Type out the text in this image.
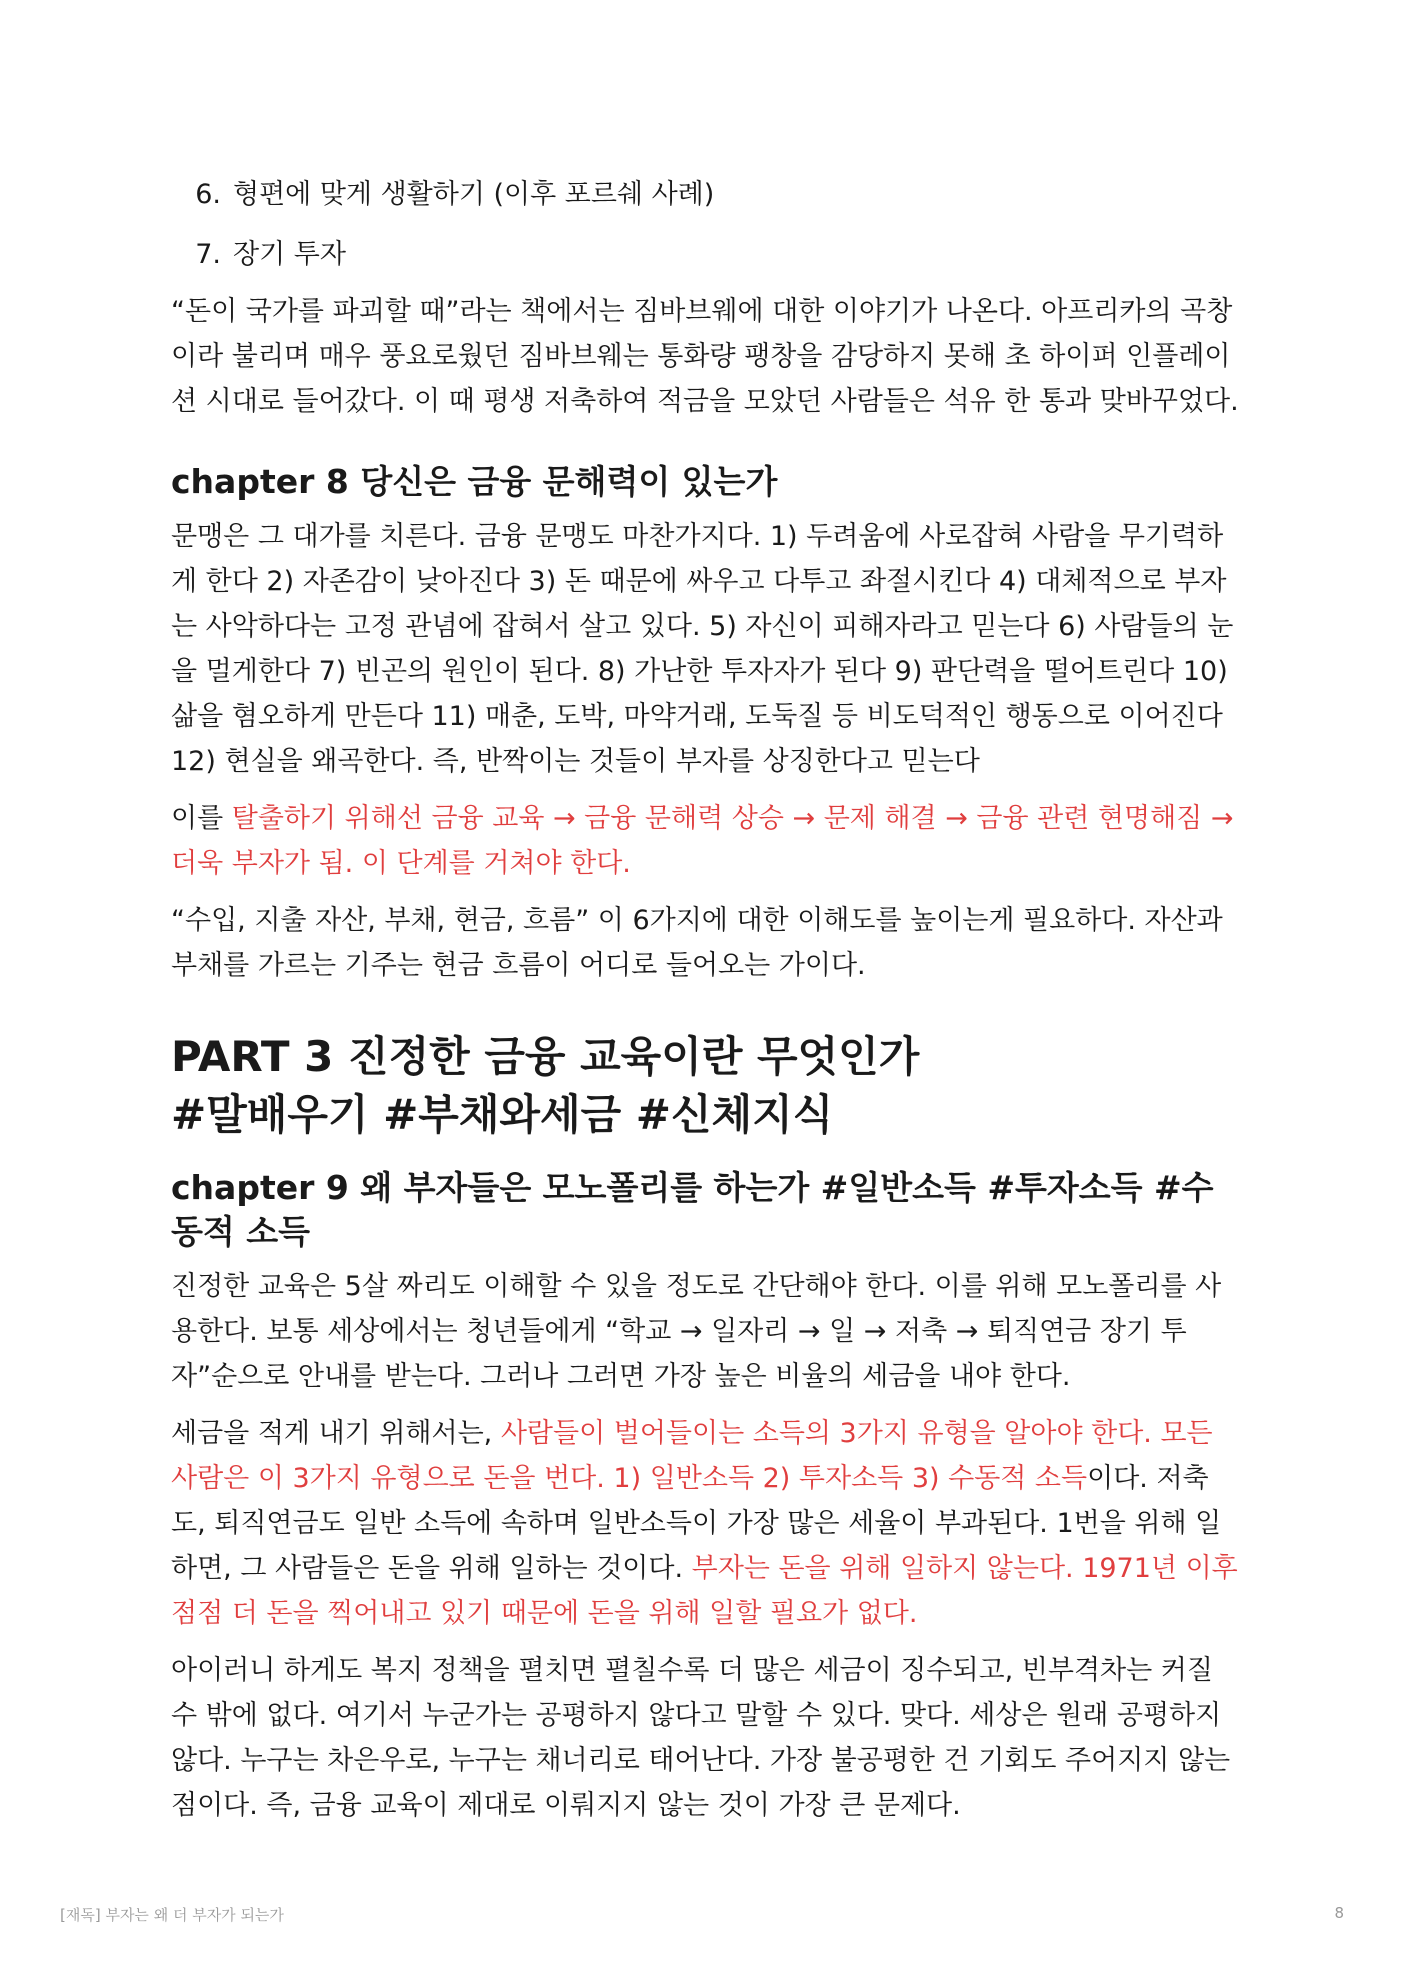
6. 형편에 맞게 생활하기 (이후 포르쉐 사례)
7. 장기 투자

“돈이 국가를 파괴할 때”라는 책에서는 짐바브웨에 대한 이야기가 나온다. 아프리카의 곡창이라 불리며 매우 풍요로웠던 짐바브웨는 통화량 팽창을 감당하지 못해 초 하이퍼 인플레이션 시대로 들어갔다. 이 때 평생 저축하여 적금을 모았던 사람들은 석유 한 통과 맞바꾸었다.

chapter 8 당신은 금융 문해력이 있는가

문맹은 그 대가를 치른다. 금융 문맹도 마찬가지다. 1) 두려움에 사로잡혀 사람을 무기력하게 한다 2) 자존감이 낮아진다 3) 돈 때문에 싸우고 다투고 좌절시킨다 4) 대체적으로 부자는 사악하다는 고정 관념에 잡혀서 살고 있다. 5) 자신이 피해자라고 믿는다 6) 사람들의 눈을 멀게한다 7) 빈곤의 원인이 된다. 8) 가난한 투자자가 된다 9) 판단력을 떨어트린다 10) 삶을 혐오하게 만든다 11) 매춘, 도박, 마약거래, 도둑질 등 비도덕적인 행동으로 이어진다 12) 현실을 왜곡한다. 즉, 반짝이는 것들이 부자를 상징한다고 믿는다

이를 탈출하기 위해선 금융 교육 → 금융 문해력 상승 → 문제 해결 → 금융 관련 현명해짐 → 더욱 부자가 됨. 이 단계를 거쳐야 한다.

“수입, 지출 자산, 부채, 현금, 흐름” 이 6가지에 대한 이해도를 높이는게 필요하다. 자산과 부채를 가르는 기주는 현금 흐름이 어디로 들어오는 가이다.

PART 3 진정한 금융 교육이란 무엇인가
#말배우기 #부채와세금 #신체지식
chapter 9 왜 부자들은 모노폴리를 하는가 #일반소득 #투자소득 #수동적 소득

진정한 교육은 5살 짜리도 이해할 수 있을 정도로 간단해야 한다. 이를 위해 모노폴리를 사용한다. 보통 세상에서는 청년들에게 “학교 → 일자리 → 일 → 저축 → 퇴직연금 장기 투자”순으로 안내를 받는다. 그러나 그러면 가장 높은 비율의 세금을 내야 한다.

세금을 적게 내기 위해서는, 사람들이 벌어들이는 소득의 3가지 유형을 알아야 한다. 모든 사람은 이 3가지 유형으로 돈을 번다. 1) 일반소득 2) 투자소득 3) 수동적 소득이다. 저축도, 퇴직연금도 일반 소득에 속하며 일반소득이 가장 많은 세율이 부과된다. 1번을 위해 일하면, 그 사람들은 돈을 위해 일하는 것이다. 부자는 돈을 위해 일하지 않는다. 1971년 이후 점점 더 돈을 찍어내고 있기 때문에 돈을 위해 일할 필요가 없다.

아이러니 하게도 복지 정책을 펼치면 펼칠수록 더 많은 세금이 징수되고, 빈부격차는 커질 수 밖에 없다. 여기서 누군가는 공평하지 않다고 말할 수 있다. 맞다. 세상은 원래 공평하지 않다. 누구는 차은우로, 누구는 채너리로 태어난다. 가장 불공평한 건 기회도 주어지지 않는 점이다. 즉, 금융 교육이 제대로 이뤄지지 않는 것이 가장 큰 문제다.

[재독] 부자는 왜 더 부자가 되는가	8
